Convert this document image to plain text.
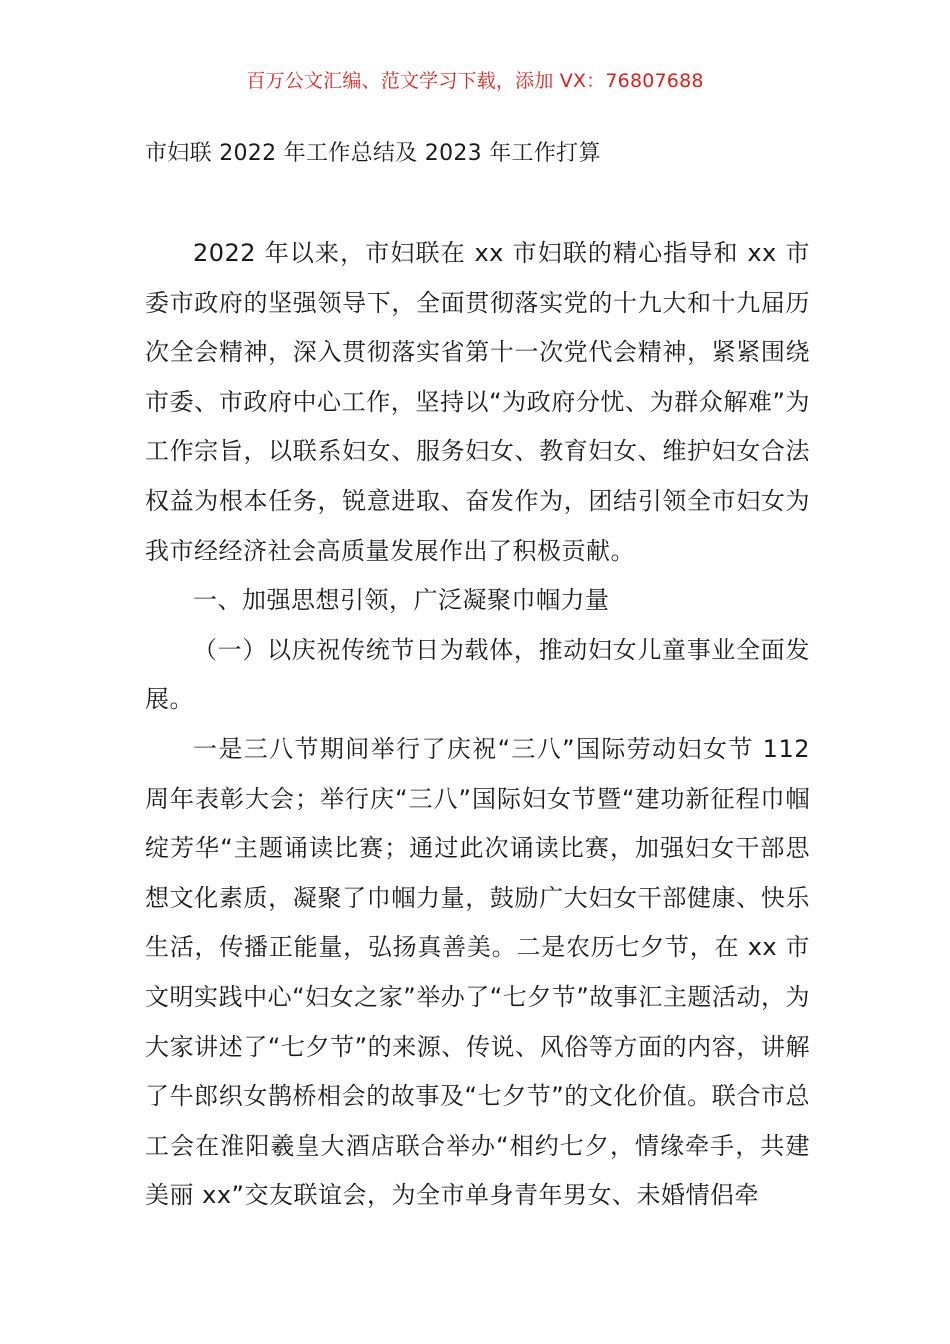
百万公文汇编、范文学习下载，添加 VX：76807688
市妇联 2022 年工作总结及 2023 年工作打算

2022 年以来，市妇联在 xx 市妇联的精心指导和 xx 市委市政府的坚强领导下，全面贯彻落实党的十九大和十九届历次全会精神，深入贯彻落实省第十一次党代会精神，紧紧围绕市委、市政府中心工作，坚持以“为政府分忧、为群众解难”为工作宗旨，以联系妇女、服务妇女、教育妇女、维护妇女合法权益为根本任务，锐意进取、奋发作为，团结引领全市妇女为我市经经济社会高质量发展作出了积极贡献。

一、加强思想引领，广泛凝聚巾帼力量

（一）以庆祝传统节日为载体，推动妇女儿童事业全面发展。

一是三八节期间举行了庆祝“三八”国际劳动妇女节 112 周年表彰大会；举行庆“三八”国际妇女节暨“建功新征程巾帼绽芳华“主题诵读比赛；通过此次诵读比赛，加强妇女干部思想文化素质，凝聚了巾帼力量，鼓励广大妇女干部健康、快乐生活，传播正能量，弘扬真善美。二是农历七夕节，在 xx 市文明实践中心“妇女之家”举办了“七夕节”故事汇主题活动，为大家讲述了“七夕节”的来源、传说、风俗等方面的内容，讲解了牛郎织女鹊桥相会的故事及“七夕节”的文化价值。联合市总工会在淮阳羲皇大酒店联合举办“相约七夕，情缘牵手，共建美丽 xx”交友联谊会，为全市单身青年男女、未婚情侣牵
